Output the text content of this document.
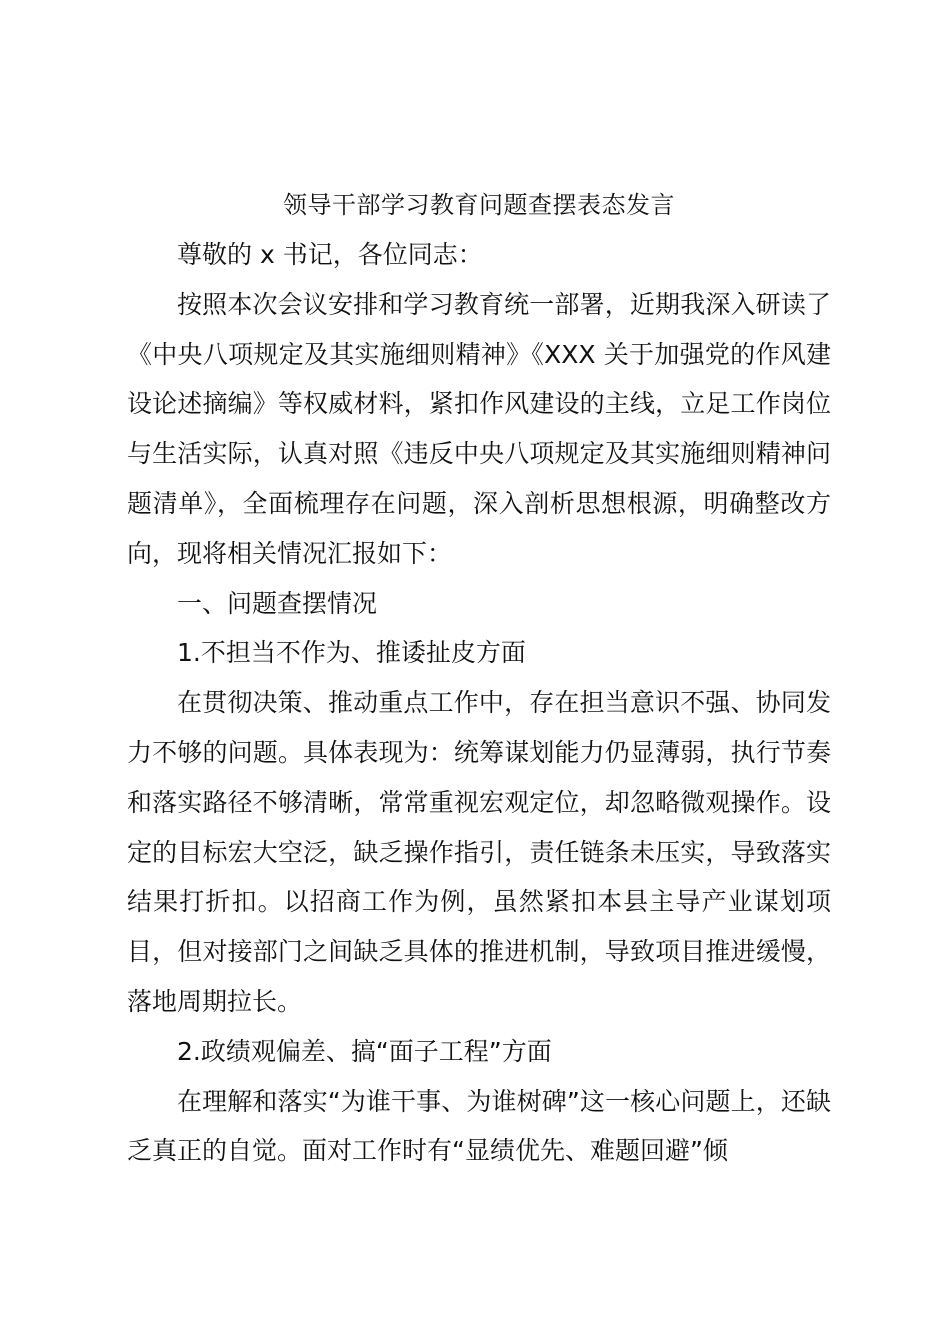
领导干部学习教育问题查摆表态发言

尊敬的 x 书记，各位同志：

按照本次会议安排和学习教育统一部署，近期我深入研读了《中央八项规定及其实施细则精神》《XXX 关于加强党的作风建设论述摘编》等权威材料，紧扣作风建设的主线，立足工作岗位与生活实际，认真对照《违反中央八项规定及其实施细则精神问题清单》，全面梳理存在问题，深入剖析思想根源，明确整改方向，现将相关情况汇报如下：

一、问题查摆情况

1.不担当不作为、推诿扯皮方面

在贯彻决策、推动重点工作中，存在担当意识不强、协同发力不够的问题。具体表现为：统筹谋划能力仍显薄弱，执行节奏和落实路径不够清晰，常常重视宏观定位，却忽略微观操作。设定的目标宏大空泛，缺乏操作指引，责任链条未压实，导致落实结果打折扣。以招商工作为例，虽然紧扣本县主导产业谋划项目，但对接部门之间缺乏具体的推进机制，导致项目推进缓慢，落地周期拉长。

2.政绩观偏差、搞“面子工程”方面

在理解和落实“为谁干事、为谁树碑”这一核心问题上，还缺乏真正的自觉。面对工作时有“显绩优先、难题回避”倾
